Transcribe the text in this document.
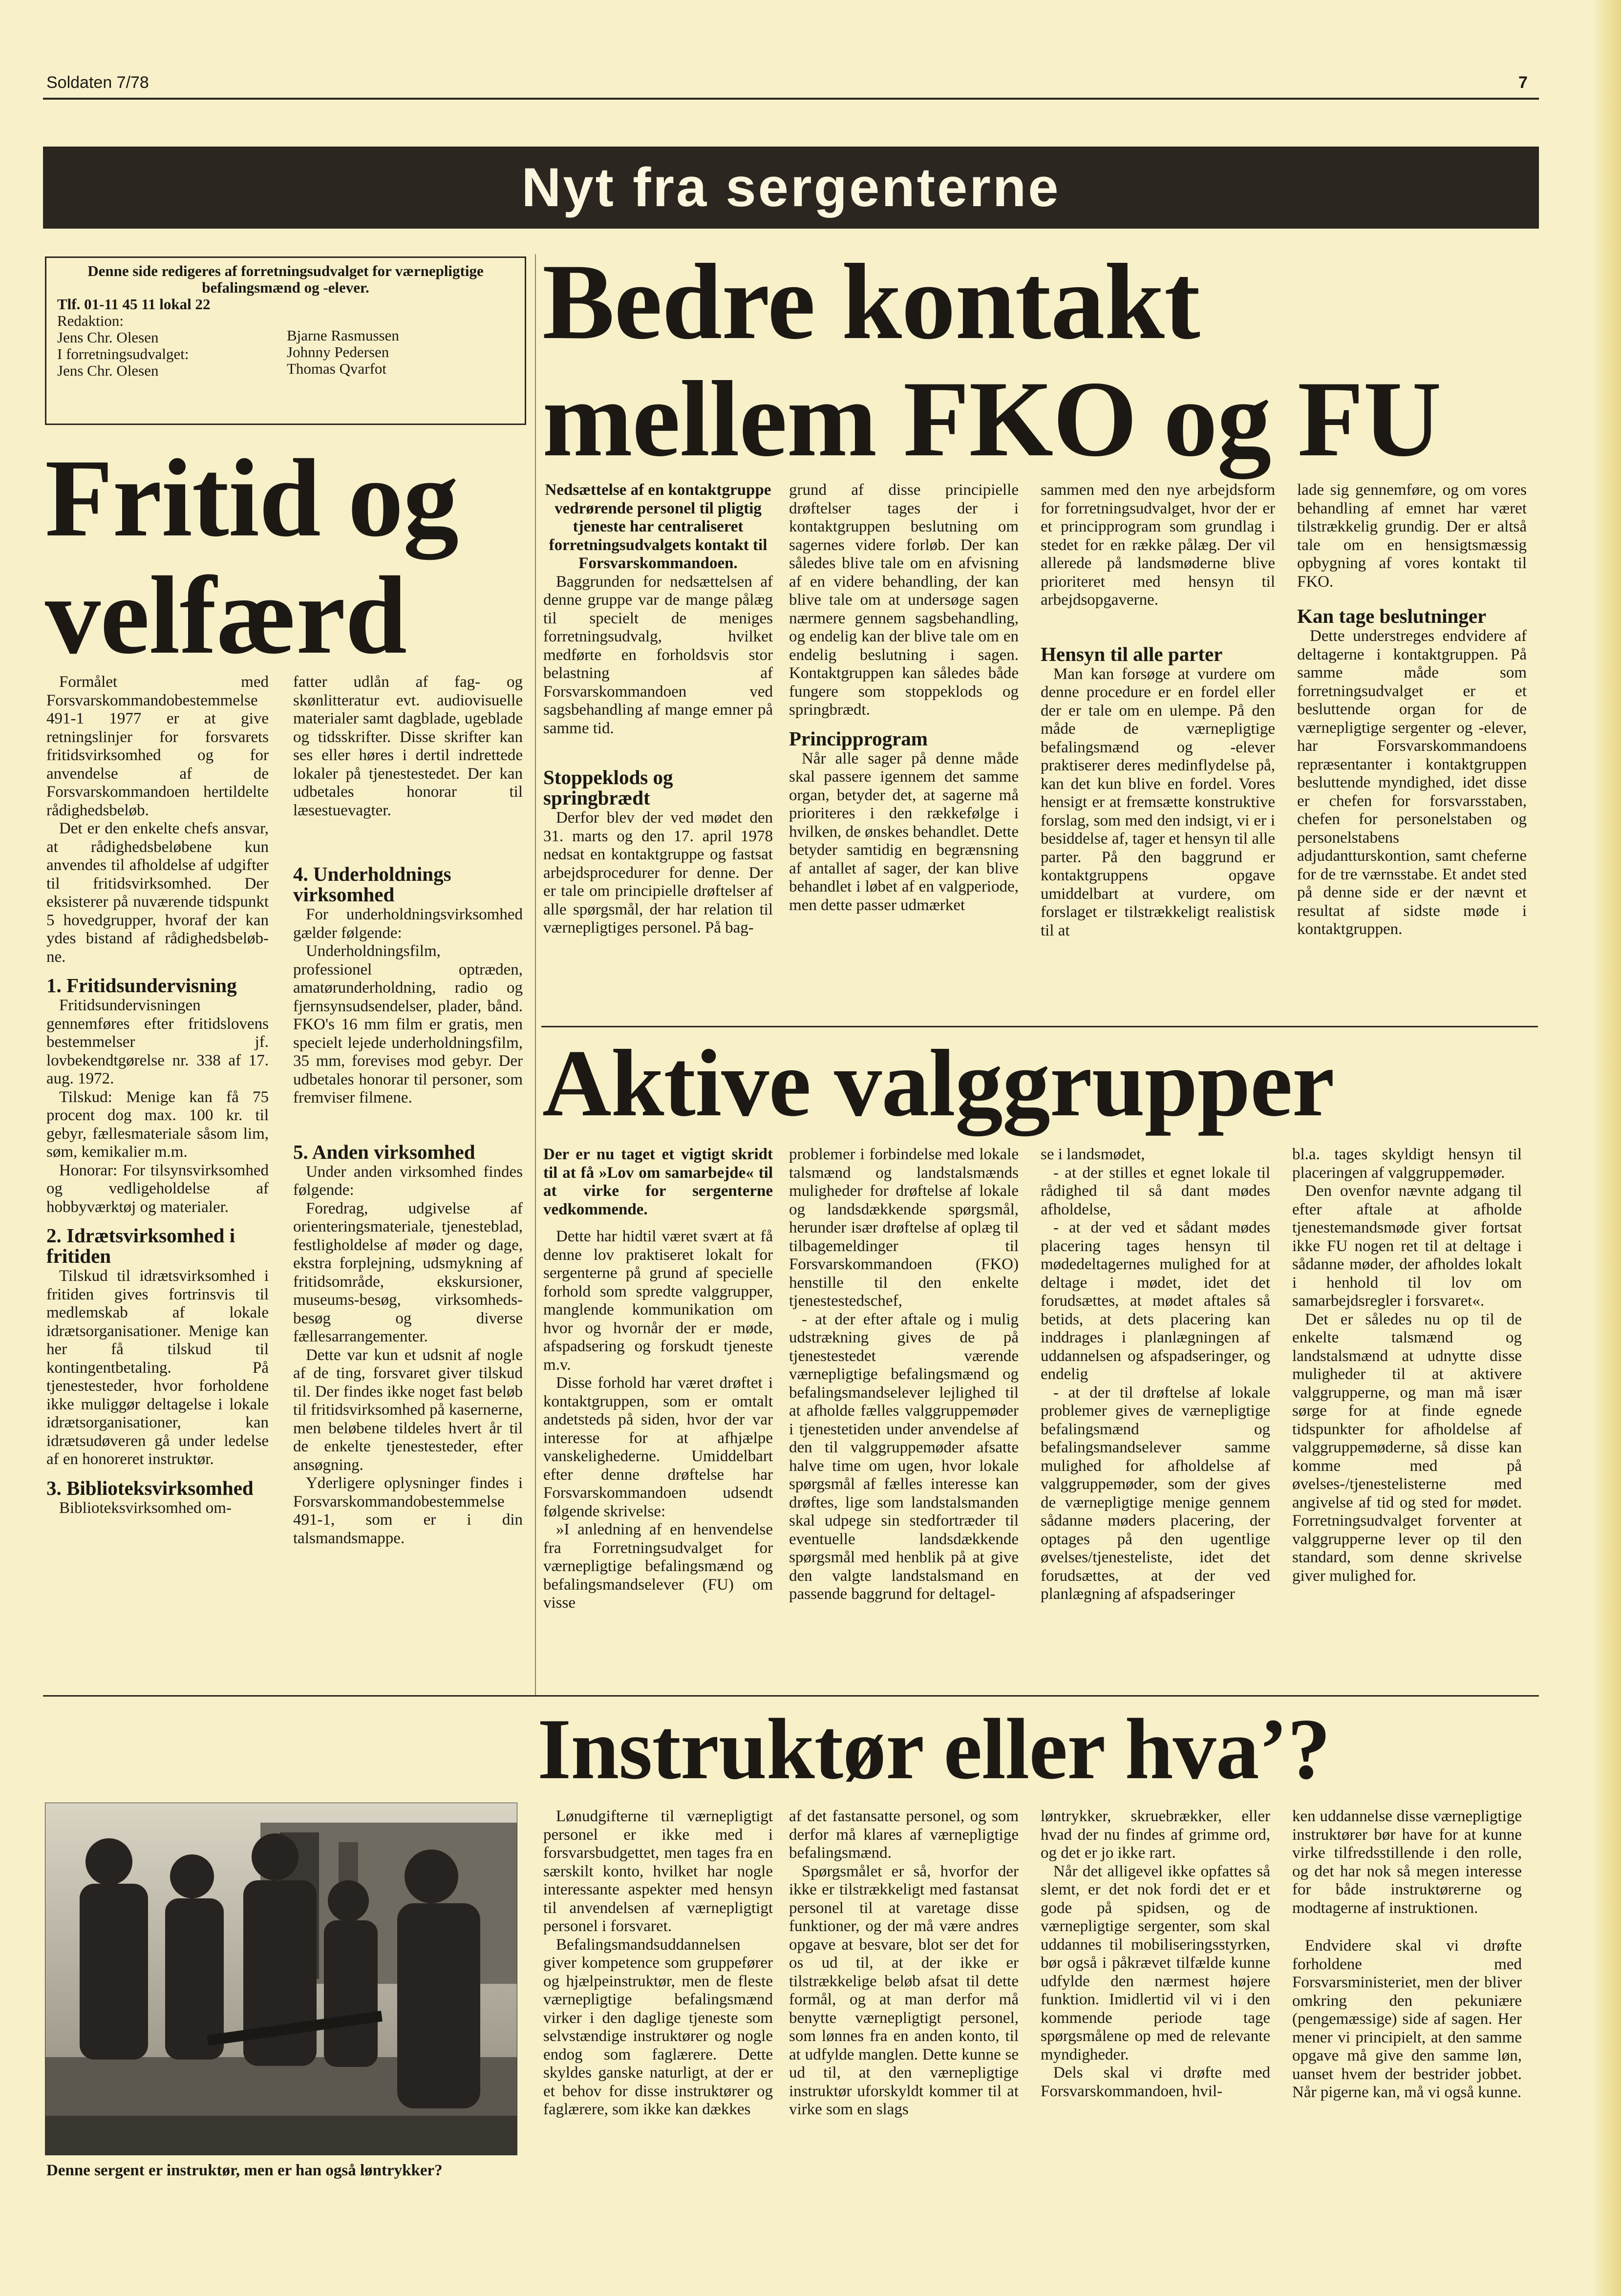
Soldaten 7/78	7
Nyt fra sergenterne
Denne side redigeres af forretningsudvalget for værnepligtige befalingsmænd og -elever.
Tlf. 01-11 45 11 lokal 22
Redaktion:
Jens Chr. Olesen
I forretningsudvalget:
Jens Chr. Olesen
Bjarne Rasmussen
Johnny Pedersen
Thomas Qvarfot
Fritid og
velfærd

Formålet med Forsvarskommandobestemmelse 491-1 1977 er at give retningslinjer for forsvarets fritidsvirksomhed og for anvendelse af de Forsvarskommandoen hertildelte rådighedsbeløb.

Det er den enkelte chefs ansvar, at rådighedsbeløbene kun anvendes til afholdelse af udgifter til fritidsvirksomhed. Der eksisterer på nuværende tidspunkt 5 hovedgrupper, hvoraf der kan ydes bistand af rådighedsbeløb- ne.

1. Fritidsundervisning

Fritidsundervisningen gennemføres efter fritidslovens bestemmelser jf. lovbekendtgørelse nr. 338 af 17. aug. 1972.

Tilskud: Menige kan få 75 procent dog max. 100 kr. til gebyr, fællesmateriale såsom lim, søm, kemikalier m.m.

Honorar: For tilsynsvirksomhed og vedligeholdelse af hobbyværktøj og materialer.

2. Idrætsvirksomhed i fritiden

Tilskud til idrætsvirksomhed i fritiden gives fortrinsvis til medlemskab af lokale idrætsorganisationer. Menige kan her få tilskud til kontingentbetaling. På tjenestesteder, hvor forholdene ikke muliggør deltagelse i lokale idrætsorganisationer, kan idrætsudøveren gå under ledelse af en honoreret instruktør.

3. Biblioteksvirksomhed

Biblioteksvirksomhed om-

fatter udlån af fag- og skønlitteratur evt. audiovisuelle materialer samt dagblade, ugeblade og tidsskrifter. Disse skrifter kan ses eller høres i dertil indrettede lokaler på tjenestestedet. Der kan udbetales honorar til læsestuevagter.

4. Underholdnings virksomhed

For underholdningsvirksomhed gælder følgende:

Underholdningsfilm, professionel optræden, amatørunderholdning, radio og fjernsynsudsendelser, plader, bånd. FKO's 16 mm film er gratis, men specielt lejede underholdningsfilm, 35 mm, forevises mod gebyr. Der udbetales honorar til personer, som fremviser filmene.

5. Anden virksomhed

Under anden virksomhed findes følgende:

Foredrag, udgivelse af orienteringsmateriale, tjenesteblad, festligholdelse af møder og dage, ekstra forplejning, udsmykning af fritidsområde, ekskursioner, museums-besøg, virksomheds-besøg og diverse fællesarrangementer.

Dette var kun et udsnit af nogle af de ting, forsvaret giver tilskud til. Der findes ikke noget fast beløb til fritidsvirksomhed på kasernerne, men beløbene tildeles hvert år til de enkelte tjenestesteder, efter ansøgning.

Yderligere oplysninger findes i Forsvarskommandobestemmelse 491-1, som er i din talsmandsmappe.

Bedre kontakt
mellem FKO og FU

Nedsættelse af en kontaktgruppe vedrørende personel til pligtig tjeneste har centraliseret forretningsudvalgets kontakt til Forsvarskommandoen.

Baggrunden for nedsættelsen af denne gruppe var de mange pålæg til specielt de meniges forretningsudvalg, hvilket medførte en forholdsvis stor belastning af Forsvarskommandoen ved sagsbehandling af mange emner på samme tid.

Stoppeklods og springbrædt

Derfor blev der ved mødet den 31. marts og den 17. april 1978 nedsat en kontaktgruppe og fastsat arbejdsprocedurer for denne. Der er tale om principielle drøftelser af alle spørgsmål, der har relation til værnepligtiges personel. På bag-

grund af disse principielle drøftelser tages der i kontaktgruppen beslutning om sagernes videre forløb. Der kan således blive tale om en afvisning af en videre behandling, der kan blive tale om at undersøge sagen nærmere gennem sagsbehandling, og endelig kan der blive tale om en endelig beslutning i sagen. Kontaktgruppen kan således både fungere som stoppeklods og springbrædt.

Principprogram

Når alle sager på denne måde skal passere igennem det samme organ, betyder det, at sagerne må prioriteres i den rækkefølge i hvilken, de ønskes behandlet. Dette betyder samtidig en begrænsning af antallet af sager, der kan blive behandlet i løbet af en valgperiode, men dette passer udmærket

sammen med den nye arbejdsform for forretningsudvalget, hvor der er et principprogram som grundlag i stedet for en række pålæg. Der vil allerede på landsmøderne blive prioriteret med hensyn til arbejdsopgaverne.

Hensyn til alle parter

Man kan forsøge at vurdere om denne procedure er en fordel eller der er tale om en ulempe. På den måde de værnepligtige befalingsmænd og -elever praktiserer deres medinflydelse på, kan det kun blive en fordel. Vores hensigt er at fremsætte konstruktive forslag, som med den indsigt, vi er i besiddelse af, tager et hensyn til alle parter. På den baggrund er kontaktgruppens opgave umiddelbart at vurdere, om forslaget er tilstrækkeligt realistisk til at

lade sig gennemføre, og om vores behandling af emnet har været tilstrækkelig grundig. Der er altså tale om en hensigtsmæssig opbygning af vores kontakt til FKO.

Kan tage beslutninger

Dette understreges endvidere af deltagerne i kontaktgruppen. På samme måde som forretningsudvalget er et besluttende organ for de værnepligtige sergenter og -elever, har Forsvarskommandoens repræsentanter i kontaktgruppen besluttende myndighed, idet disse er chefen for forsvarsstaben, chefen for personelstaben og personelstabens adjudantturskontion, samt cheferne for de tre værnsstabe. Et andet sted på denne side er der nævnt et resultat af sidste møde i kontaktgruppen.

Aktive valggrupper

Der er nu taget et vigtigt skridt til at få »Lov om samarbejde« til at virke for sergenterne vedkommende.

Dette har hidtil været svært at få denne lov praktiseret lokalt for sergenterne på grund af specielle forhold som spredte valggrupper, manglende kommunikation om hvor og hvornår der er møde, afspadsering og forskudt tjeneste m.v.

Disse forhold har været drøftet i kontaktgruppen, som er omtalt andetsteds på siden, hvor der var interesse for at afhjælpe vanskelighederne. Umiddelbart efter denne drøftelse har Forsvarskommandoen udsendt følgende skrivelse:

»I anledning af en henvendelse fra Forretningsudvalget for værnepligtige befalingsmænd og befalingsmandselever (FU) om visse

problemer i forbindelse med lokale talsmænd og landstalsmænds muligheder for drøftelse af lokale og landsdækkende spørgsmål, herunder især drøftelse af oplæg til tilbagemeldinger til Forsvarskommandoen (FKO) henstille til den enkelte tjenestestedschef,

- at der efter aftale og i mulig udstrækning gives de på tjenestestedet værende værnepligtige befalingsmænd og befalingsmandselever lejlighed til at afholde fælles valggruppemøder i tjenestetiden under anvendelse af den til valggruppemøder afsatte halve time om ugen, hvor lokale spørgsmål af fælles interesse kan drøftes, lige som landstalsmanden skal udpege sin stedfortræder til eventuelle landsdækkende spørgsmål med henblik på at give den valgte landstalsmand en passende baggrund for deltagel-

se i landsmødet,

- at der stilles et egnet lokale til rådighed til så dant mødes afholdelse,

- at der ved et sådant mødes placering tages hensyn til mødedeltagernes mulighed for at deltage i mødet, idet det forudsættes, at mødet aftales så betids, at dets placering kan inddrages i planlægningen af uddannelsen og afspadseringer, og endelig

- at der til drøftelse af lokale problemer gives de værnepligtige befalingsmænd og befalingsmandselever samme mulighed for afholdelse af valggruppemøder, som der gives de værnepligtige menige gennem sådanne møders placering, der optages på den ugentlige øvelses/tjenesteliste, idet det forudsættes, at der ved planlægning af afspadseringer

bl.a. tages skyldigt hensyn til placeringen af valggruppemøder.

Den ovenfor nævnte adgang til efter aftale at afholde tjenestemandsmøde giver fortsat ikke FU nogen ret til at deltage i sådanne møder, der afholdes lokalt i henhold til lov om samarbejdsregler i forsvaret«.

Det er således nu op til de enkelte talsmænd og landstalsmænd at udnytte disse muligheder til at aktivere valggrupperne, og man må især sørge for at finde egnede tidspunkter for afholdelse af valggruppemøderne, så disse kan komme med på øvelses-/tjenestelisterne med angivelse af tid og sted for mødet. Forretningsudvalget forventer at valggrupperne lever op til den standard, som denne skrivelse giver mulighed for.

Instruktør eller hva’?
Denne sergent er instruktør, men er han også løntrykker?

Lønudgifterne til værnepligtigt personel er ikke med i forsvarsbudgettet, men tages fra en særskilt konto, hvilket har nogle interessante aspekter med hensyn til anvendelsen af værnepligtigt personel i forsvaret.

Befalingsmandsuddannelsen giver kompetence som gruppefører og hjælpeinstruktør, men de fleste værnepligtige befalingsmænd virker i den daglige tjeneste som selvstændige instruktører og nogle endog som faglærere. Dette skyldes ganske naturligt, at der er et behov for disse instruktører og faglærere, som ikke kan dækkes

af det fastansatte personel, og som derfor må klares af værnepligtige befalingsmænd.

Spørgsmålet er så, hvorfor der ikke er tilstrækkeligt med fastansat personel til at varetage disse funktioner, og der må være andres opgave at besvare, blot ser det for os ud til, at der ikke er tilstrækkelige beløb afsat til dette formål, og at man derfor må benytte værnepligtigt personel, som lønnes fra en anden konto, til at udfylde manglen. Dette kunne se ud til, at den værnepligtige instruktør uforskyldt kommer til at virke som en slags

løntrykker, skruebrækker, eller hvad der nu findes af grimme ord, og det er jo ikke rart.

Når det alligevel ikke opfattes så slemt, er det nok fordi det er et gode på spidsen, og de værnepligtige sergenter, som skal uddannes til mobiliseringsstyrken, bør også i påkrævet tilfælde kunne udfylde den nærmest højere funktion. Imidlertid vil vi i den kommende periode tage spørgsmålene op med de relevante myndigheder.

Dels skal vi drøfte med Forsvarskommandoen, hvil-

ken uddannelse disse værnepligtige instruktører bør have for at kunne virke tilfredsstillende i den rolle, og det har nok så megen interesse for både instruktørerne og modtagerne af instruktionen.

Endvidere skal vi drøfte forholdene med Forsvarsministeriet, men der bliver omkring den pekuniære (pengemæssige) side af sagen. Her mener vi principielt, at den samme opgave må give den samme løn, uanset hvem der bestrider jobbet. Når pigerne kan, må vi også kunne.
